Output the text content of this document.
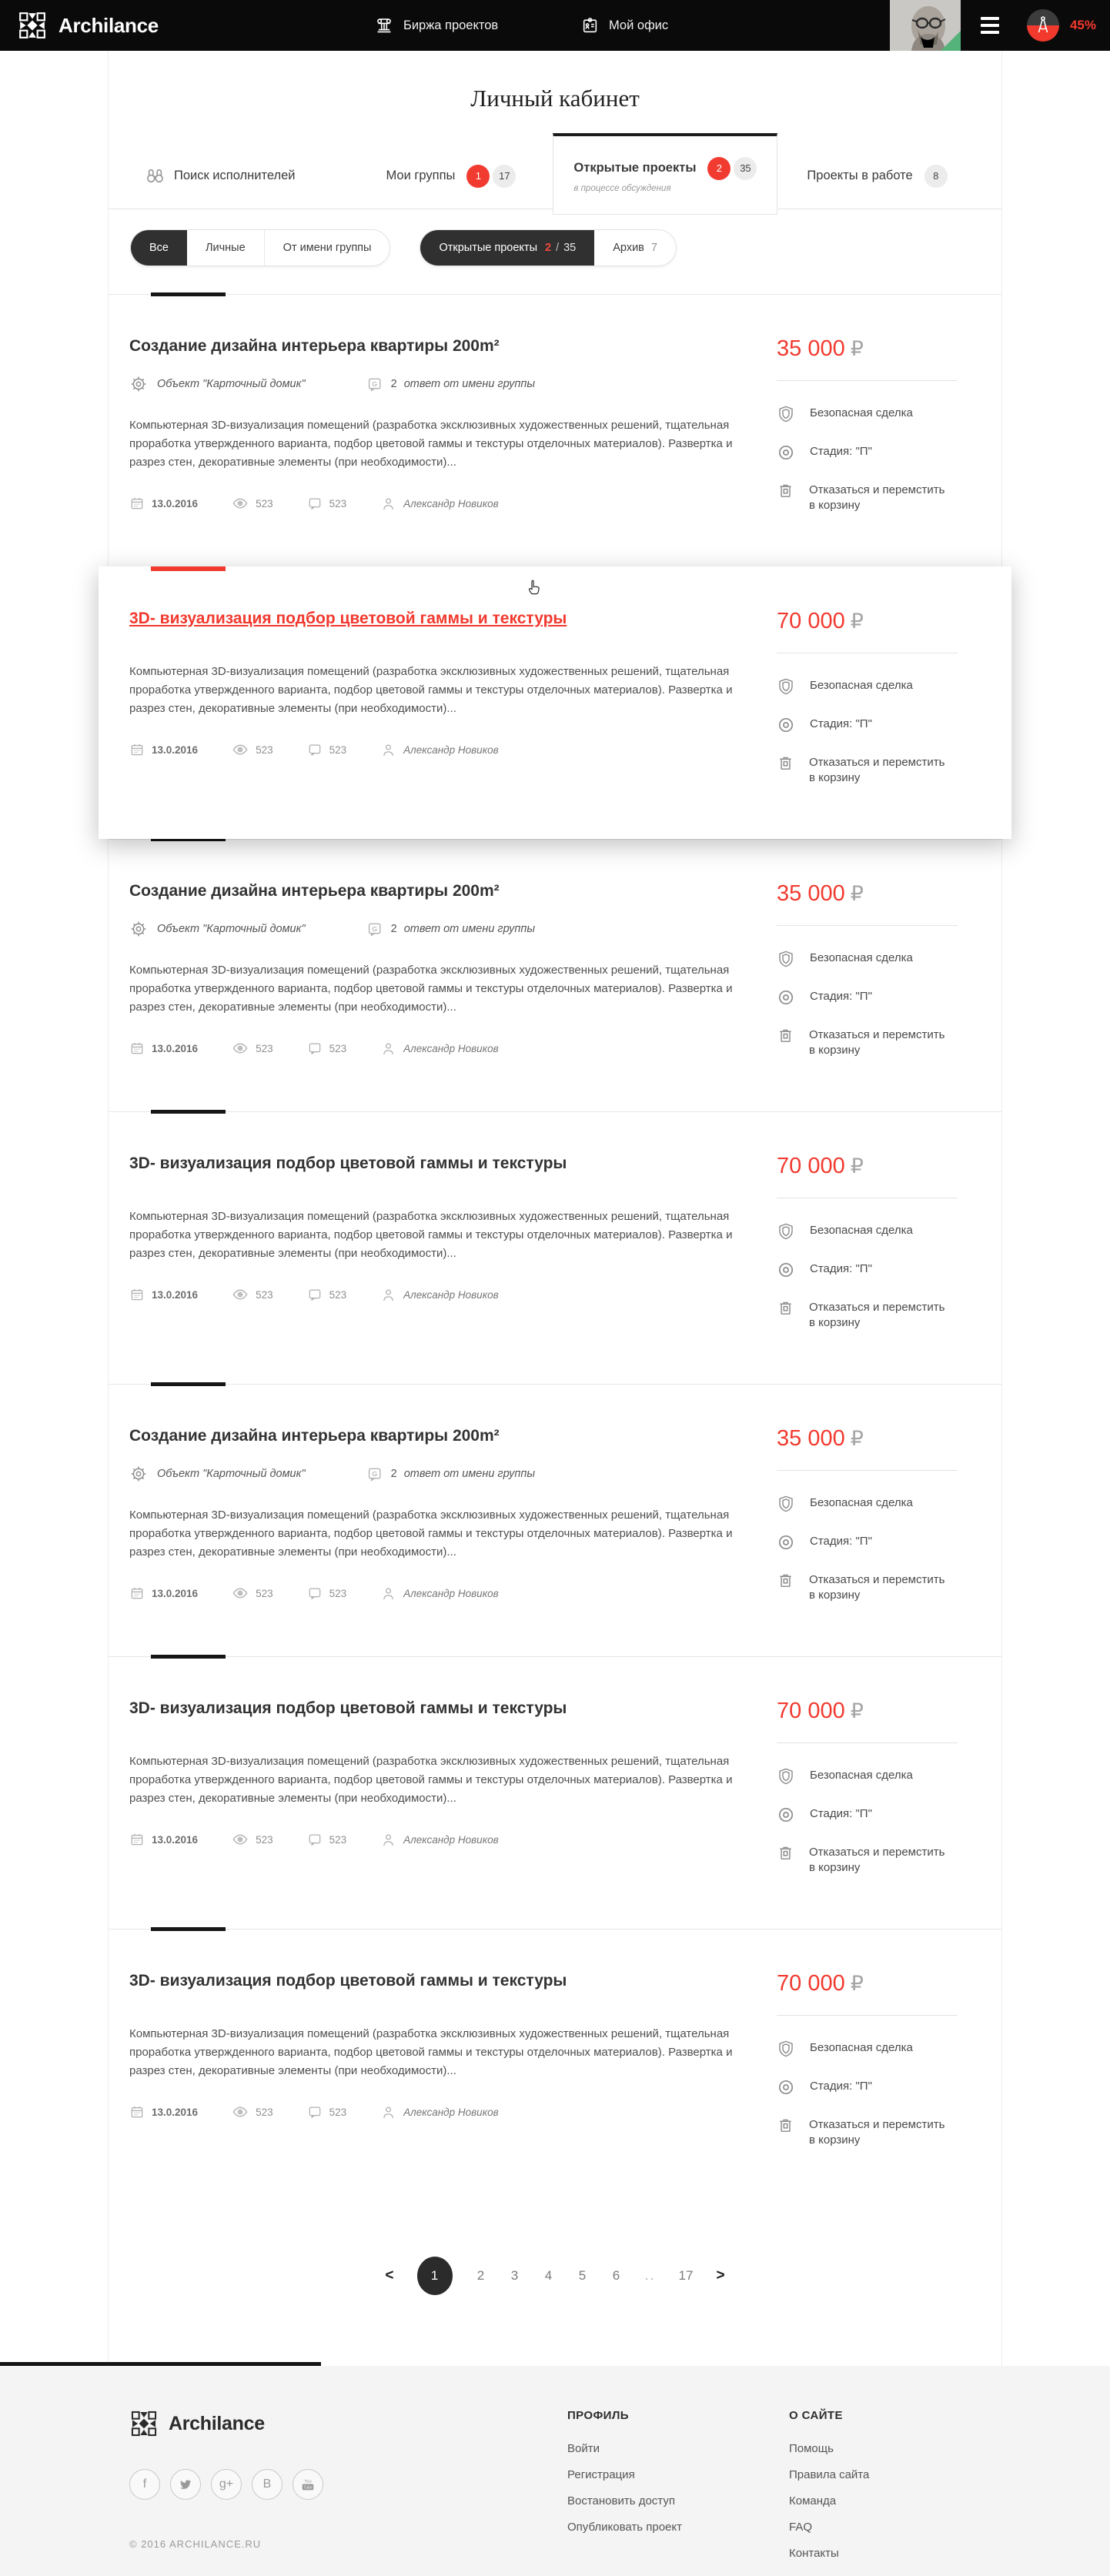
Archilance	Биржа проектов	Мой офис	45%
Личный кабинет
Поиск исполнителей	Мои группы	1	17
Открытые проекты	2	35
в процессе обсуждения
Проекты в работе	8
Все	Личные	От имени группы	Открытые проекты 2 / 35	Архив 7
Создание дизайна интерьера квартиры 200m²
Объект "Карточный домик"	G 2 ответ от имени группы

Компьютерная 3D-визуализация помещений (разработка эксклюзивных художественных решений, тщательная проработка утвержденного варианта, подбор цветовой гаммы и текстуры отделочных материалов). Развертка и разрез стен, декоративные элементы (при необходимости)...

13.0.2016	523	523	Александр Новиков
35 000 ₽
Безопасная сделка
Стадия: "П"
Отказаться и перемстить
в корзину
3D- визуализация подбор цветовой гаммы и текстуры

Компьютерная 3D-визуализация помещений (разработка эксклюзивных художественных решений, тщательная проработка утвержденного варианта, подбор цветовой гаммы и текстуры отделочных материалов). Развертка и разрез стен, декоративные элементы (при необходимости)...

13.0.2016	523	523	Александр Новиков
70 000 ₽
Безопасная сделка
Стадия: "П"
Отказаться и перемстить
в корзину
Создание дизайна интерьера квартиры 200m²
Объект "Карточный домик"	G 2 ответ от имени группы

Компьютерная 3D-визуализация помещений (разработка эксклюзивных художественных решений, тщательная проработка утвержденного варианта, подбор цветовой гаммы и текстуры отделочных материалов). Развертка и разрез стен, декоративные элементы (при необходимости)...

13.0.2016	523	523	Александр Новиков
35 000 ₽
Безопасная сделка
Стадия: "П"
Отказаться и перемстить
в корзину
3D- визуализация подбор цветовой гаммы и текстуры

Компьютерная 3D-визуализация помещений (разработка эксклюзивных художественных решений, тщательная проработка утвержденного варианта, подбор цветовой гаммы и текстуры отделочных материалов). Развертка и разрез стен, декоративные элементы (при необходимости)...

13.0.2016	523	523	Александр Новиков
70 000 ₽
Безопасная сделка
Стадия: "П"
Отказаться и перемстить
в корзину
Создание дизайна интерьера квартиры 200m²
Объект "Карточный домик"	G 2 ответ от имени группы

Компьютерная 3D-визуализация помещений (разработка эксклюзивных художественных решений, тщательная проработка утвержденного варианта, подбор цветовой гаммы и текстуры отделочных материалов). Развертка и разрез стен, декоративные элементы (при необходимости)...

13.0.2016	523	523	Александр Новиков
35 000 ₽
Безопасная сделка
Стадия: "П"
Отказаться и перемстить
в корзину
3D- визуализация подбор цветовой гаммы и текстуры

Компьютерная 3D-визуализация помещений (разработка эксклюзивных художественных решений, тщательная проработка утвержденного варианта, подбор цветовой гаммы и текстуры отделочных материалов). Развертка и разрез стен, декоративные элементы (при необходимости)...

13.0.2016	523	523	Александр Новиков
70 000 ₽
Безопасная сделка
Стадия: "П"
Отказаться и перемстить
в корзину
3D- визуализация подбор цветовой гаммы и текстуры

Компьютерная 3D-визуализация помещений (разработка эксклюзивных художественных решений, тщательная проработка утвержденного варианта, подбор цветовой гаммы и текстуры отделочных материалов). Развертка и разрез стен, декоративные элементы (при необходимости)...

13.0.2016	523	523	Александр Новиков
70 000 ₽
Безопасная сделка
Стадия: "П"
Отказаться и перемстить
в корзину
<	1	2 3 4 5 6 .. 17 >
Archilance
f	g+ B	You
Tube
© 2016 ARCHILANCE.RU
ПРОФИЛЬ
Войти
Регистрация
Востановить доступ
Опубликовать проект
О САЙТЕ
Помощь
Правила сайта
Команда
FAQ
Контакты
